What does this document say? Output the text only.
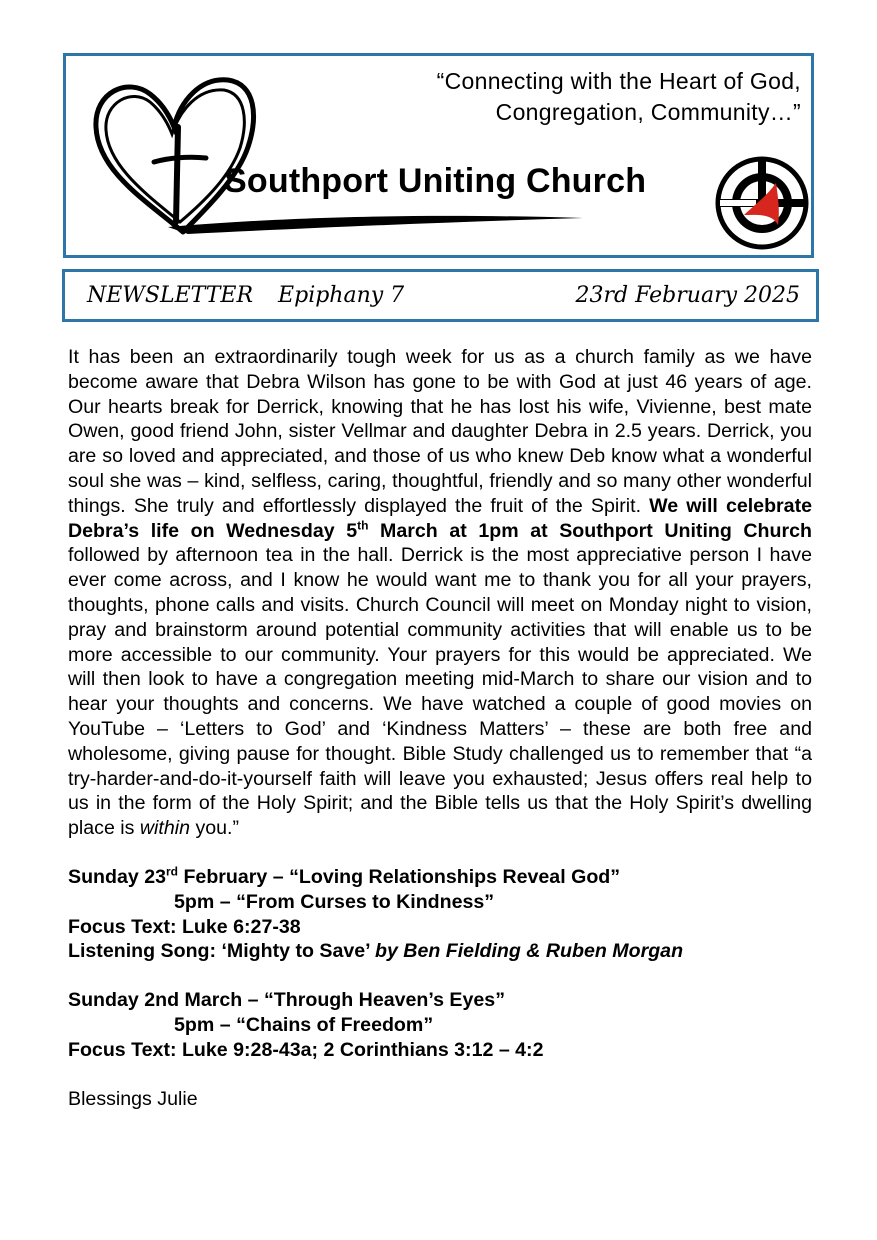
“Connecting with the Heart of God,
Congregation, Community…”
Southport Uniting Church
NEWSLETTER Epiphany 7	23rd February 2025

It has been an extraordinarily tough week for us as a church family as we have become aware that Debra Wilson has gone to be with God at just 46 years of age. Our hearts break for Derrick, knowing that he has lost his wife, Vivienne, best mate Owen, good friend John, sister Vellmar and daughter Debra in 2.5 years. Derrick, you are so loved and appreciated, and those of us who knew Deb know what a wonderful soul she was – kind, selfless, caring, thoughtful, friendly and so many other wonderful things. She truly and effortlessly displayed the fruit of the Spirit. We will celebrate Debra’s life on Wednesday 5th March at 1pm at Southport Uniting Church followed by afternoon tea in the hall. Derrick is the most appreciative person I have ever come across, and I know he would want me to thank you for all your prayers, thoughts, phone calls and visits. Church Council will meet on Monday night to vision, pray and brainstorm around potential community activities that will enable us to be more accessible to our community. Your prayers for this would be appreciated. We will then look to have a congregation meeting mid-March to share our vision and to hear your thoughts and concerns. We have watched a couple of good movies on YouTube – ‘Letters to God’ and ‘Kindness Matters’ – these are both free and wholesome, giving pause for thought. Bible Study challenged us to remember that “a try-harder-and-do-it-yourself faith will leave you exhausted; Jesus offers real help to us in the form of the Holy Spirit; and the Bible tells us that the Holy Spirit’s dwelling place is within you.”

Sunday 23rd February – “Loving Relationships Reveal God”
5pm – “From Curses to Kindness”
Focus Text: Luke 6:27-38
Listening Song: ‘Mighty to Save’ by Ben Fielding & Ruben Morgan
Sunday 2nd March – “Through Heaven’s Eyes”
5pm – “Chains of Freedom”
Focus Text: Luke 9:28-43a; 2 Corinthians 3:12 – 4:2
Blessings Julie
